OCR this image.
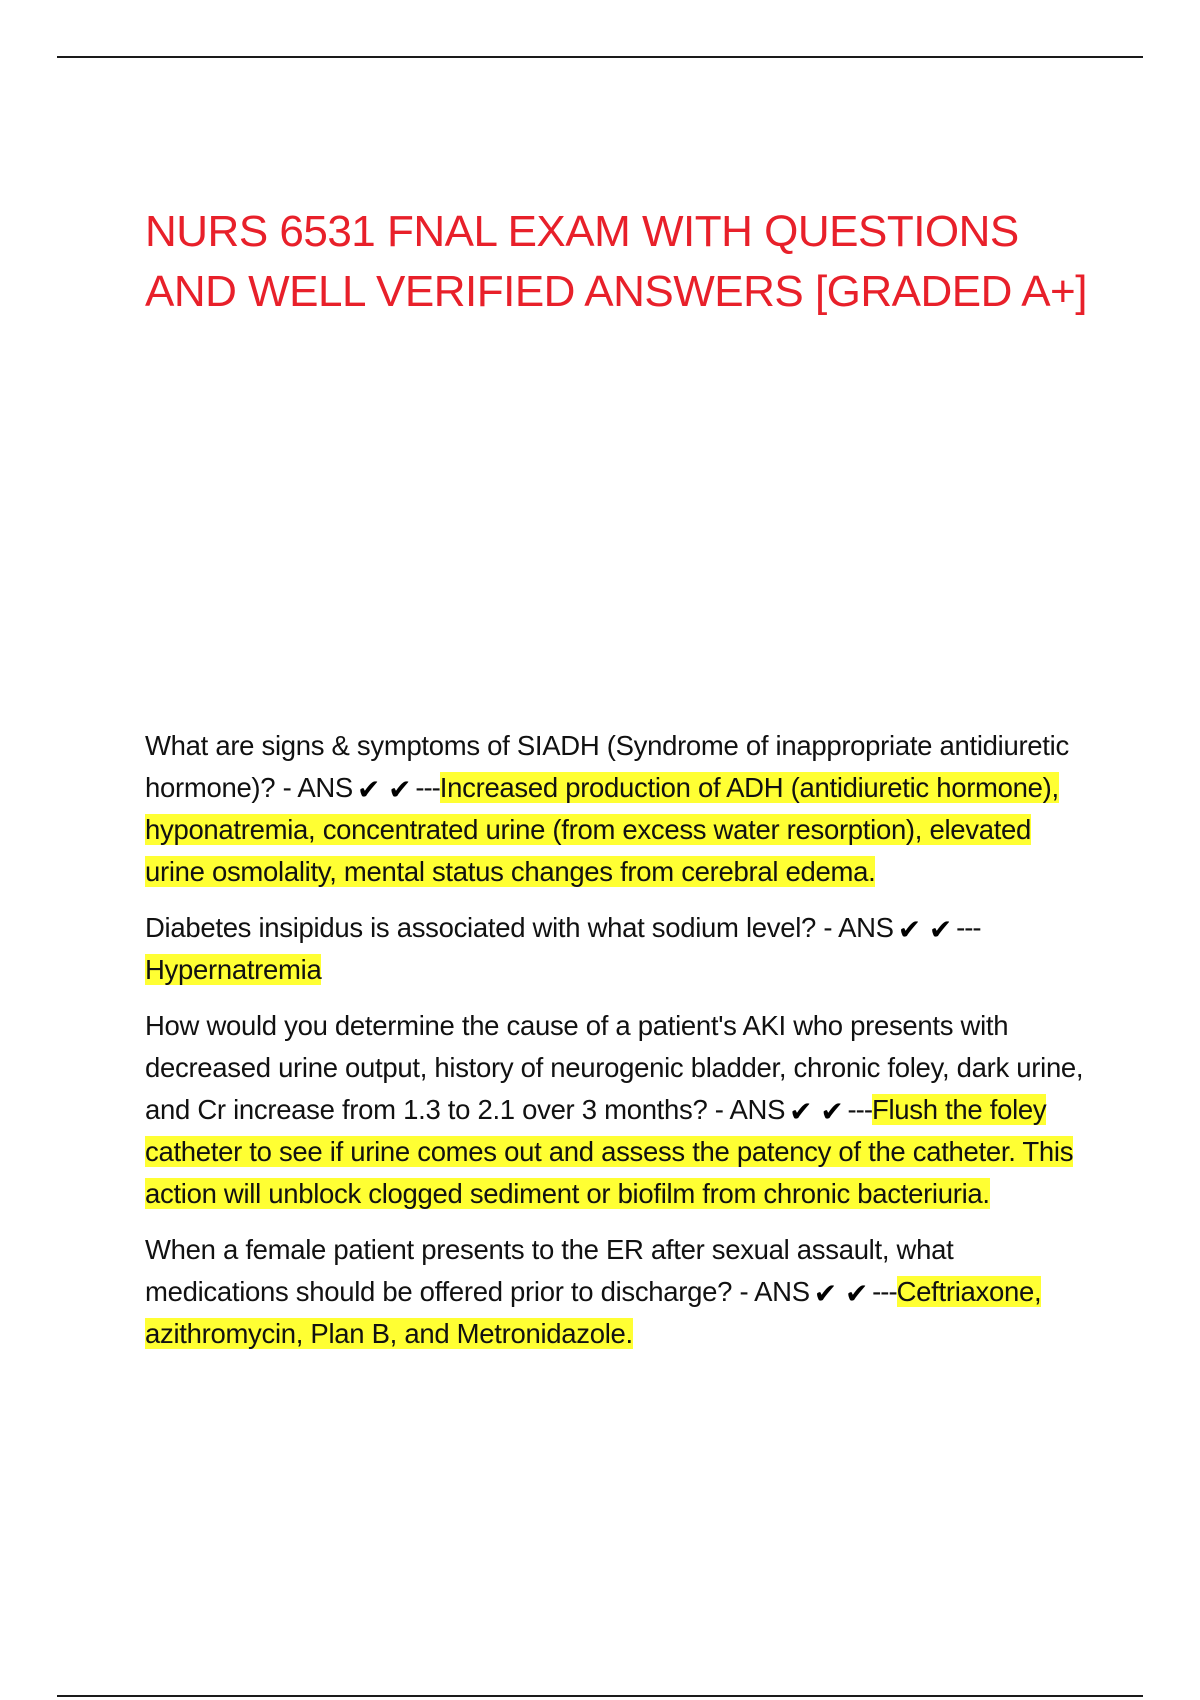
NURS 6531 FNAL EXAM WITH QUESTIONS AND WELL VERIFIED ANSWERS [GRADED A+]

What are signs & symptoms of SIADH (Syndrome of inappropriate antidiuretic hormone)? - ANS ✔ ✔ ---Increased production of ADH (antidiuretic hormone), hyponatremia, concentrated urine (from excess water resorption), elevated urine osmolality, mental status changes from cerebral edema.

Diabetes insipidus is associated with what sodium level? - ANS ✔ ✔ ---
Hypernatremia

How would you determine the cause of a patient's AKI who presents with decreased urine output, history of neurogenic bladder, chronic foley, dark urine, and Cr increase from 1.3 to 2.1 over 3 months? - ANS ✔ ✔ ---Flush the foley catheter to see if urine comes out and assess the patency of the catheter. This action will unblock clogged sediment or biofilm from chronic bacteriuria.

When a female patient presents to the ER after sexual assault, what medications should be offered prior to discharge? - ANS ✔ ✔ ---Ceftriaxone, azithromycin, Plan B, and Metronidazole.
